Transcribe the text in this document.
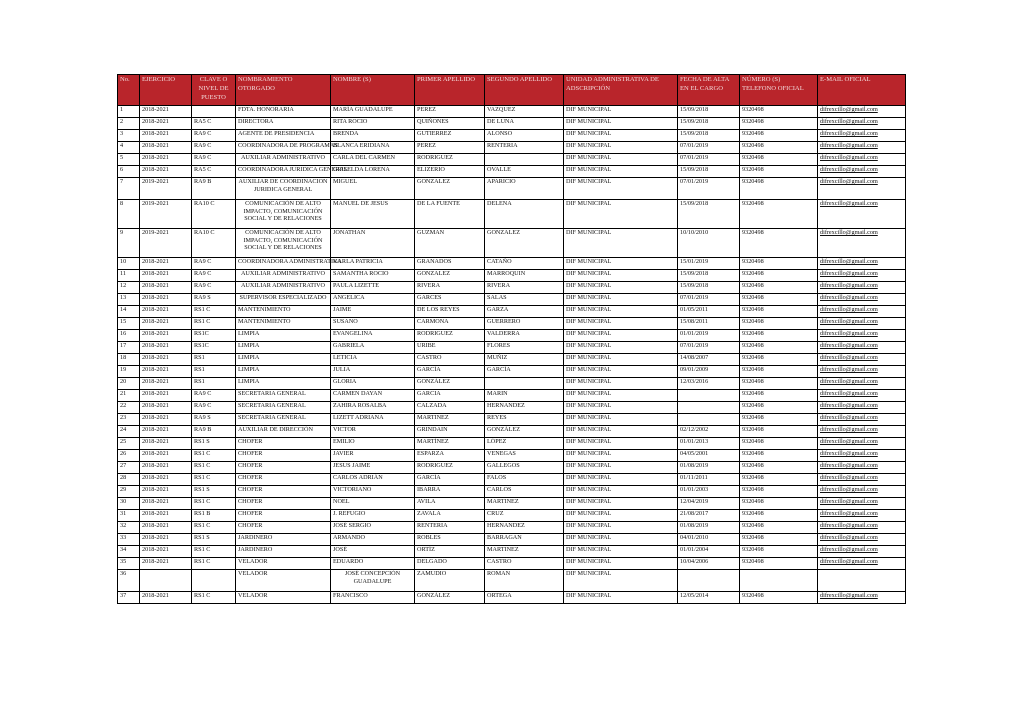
No.	EJERCICIO	CLAVE O NIVEL DE PUESTO	NOMBRAMIENTO OTORGADO	NOMBRE (S)	PRIMER APELLIDO	SEGUNDO APELLIDO	UNIDAD ADMINISTRATIVA DE ADSCRIPCIÓN	FECHA DE ALTA EN EL CARGO	NÚMERO (S) TELEFONO OFICIAL	E-MAIL OFICIAL
1	2018-2021		FDTA. HONORARIA	MARÍA GUADALUPE	PEREZ	VAZQUEZ	DIF MUNICIPAL	15/09/2018	9320498	difrexcillo@gmail.com
2	2018-2021	RA5 C	DIRECTORA	RITA ROCIO	QUIÑONES	DE LUNA	DIF MUNICIPAL	15/09/2018	9320498	difrexcillo@gmail.com
3	2018-2021	RA9 C	AGENTE DE PRESIDENCIA	BRENDA	GUTIERREZ	ALONSO	DIF MUNICIPAL	15/09/2018	9320498	difrexcillo@gmail.com
4	2018-2021	RA9 C	COORDINADORA DE PROGRAMAS	BLANCA ERIDIANA	PEREZ	RENTERIA	DIF MUNICIPAL	07/01/2019	9320498	difrexcillo@gmail.com
5	2018-2021	RA9 C	AUXILIAR ADMINISTRATIVO	CARLA DEL CARMEN	RODRIGUEZ		DIF MUNICIPAL	07/01/2019	9320498	difrexcillo@gmail.com
6	2018-2021	RA5 C	COORDINADORA JURIDICA GENERAL	GRISELDA LORENA	ELIZERIO	OVALLE	DIF MUNICIPAL	15/09/2018	9320498	difrexcillo@gmail.com
7	2019-2021	RA9 B	AUXILIAR DE COORDINACION JURIDICA GENERAL	MIGUEL	GONZALEZ	APARICIO	DIF MUNICIPAL	07/01/2019	9320498	difrexcillo@gmail.com
8	2019-2021	RA10 C	COMUNICACIÓN DE ALTO IMPACTO, COMUNICACIÓN SOCIAL Y DE RELACIONES	MANUEL DE JESUS	DE LA FUENTE	DELENA	DIF MUNICIPAL	15/09/2018	9320498	difrexcillo@gmail.com
9	2019-2021	RA10 C	COMUNICACIÓN DE ALTO IMPACTO, COMUNICACIÓN SOCIAL Y DE RELACIONES	JONATHAN	GUZMAN	GONZALEZ	DIF MUNICIPAL	10/10/2010	9320498	difrexcillo@gmail.com
10	2018-2021	RA9 C	COORDINADORA ADMINISTRATIVA	KARLA PATRICIA	GRANADOS	CATAÑO	DIF MUNICIPAL	15/01/2019	9320498	difrexcillo@gmail.com
11	2018-2021	RA9 C	AUXILIAR ADMINISTRATIVO	SAMANTHA ROCIO	GONZALEZ	MARROQUIN	DIF MUNICIPAL	15/09/2018	9320498	difrexcillo@gmail.com
12	2018-2021	RA9 C	AUXILIAR ADMINISTRATIVO	PAULA LIZETTE	RIVERA	RIVERA	DIF MUNICIPAL	15/09/2018	9320498	difrexcillo@gmail.com
13	2018-2021	RA9 S	SUPERVISOR ESPECIALIZADO	ANGELICA	GARCES	SALAS	DIF MUNICIPAL	07/01/2019	9320498	difrexcillo@gmail.com
14	2018-2021	RS1 C	MANTENIMIENTO	JAIME	DE LOS REYES	GARZA	DIF MUNICIPAL	01/05/2011	9320498	difrexcillo@gmail.com
15	2018-2021	RS1 C	MANTENIMIENTO	SUSANO	CARMONA	GUERRERO	DIF MUNICIPAL	15/08/2011	9320498	difrexcillo@gmail.com
16	2018-2021	RS1C	LIMPIA	EVANGELINA	RODRIGUEZ	VALDERRA	DIF MUNICIPAL	01/01/2019	9320498	difrexcillo@gmail.com
17	2018-2021	RS1C	LIMPIA	GABRIELA	URIBE	FLORES	DIF MUNICIPAL	07/01/2019	9320498	difrexcillo@gmail.com
18	2018-2021	RS1	LIMPIA	LETICIA	CASTRO	MUÑIZ	DIF MUNICIPAL	14/08/2007	9320498	difrexcillo@gmail.com
19	2018-2021	RS1	LIMPIA	JULIA	GARCÍA	GARCÍA	DIF MUNICIPAL	09/01/2009	9320498	difrexcillo@gmail.com
20	2018-2021	RS1	LIMPIA	GLORIA	GONZÁLEZ		DIF MUNICIPAL	12/03/2016	9320498	difrexcillo@gmail.com
21	2018-2021	RA9 C	SECRETARIA GENERAL	CARMEN DAYAN	GARCIA	MARIN	DIF MUNICIPAL		9320498	difrexcillo@gmail.com
22	2018-2021	RA9 C	SECRETARIA GENERAL	ZAHIRA ROSALBA	CALZADA	HERNANDEZ	DIF MUNICIPAL		9320498	difrexcillo@gmail.com
23	2018-2021	RA9 S	SECRETARIA GENERAL	LIZETT ADRIANA	MARTINEZ	REYES	DIF MUNICIPAL		9320498	difrexcillo@gmail.com
24	2018-2021	RA9 B	AUXILIAR DE DIRECCIÓN	VICTOR	GRINDAIN	GONZÁLEZ	DIF MUNICIPAL	02/12/2002	9320498	difrexcillo@gmail.com
25	2018-2021	RS1 S	CHOFER	EMILIO	MARTÍNEZ	LÓPEZ	DIF MUNICIPAL	01/01/2013	9320498	difrexcillo@gmail.com
26	2018-2021	RS1 C	CHOFER	JAVIER	ESPARZA	VENEGAS	DIF MUNICIPAL	04/05/2001	9320498	difrexcillo@gmail.com
27	2018-2021	RS1 C	CHOFER	JESUS JAIME	RODRIGUEZ	GALLEGOS	DIF MUNICIPAL	01/08/2019	9320498	difrexcillo@gmail.com
28	2018-2021	RS1 C	CHOFER	CARLOS ADRIÁN	GARCÍA	FALOS	DIF MUNICIPAL	01/11/2011	9320498	difrexcillo@gmail.com
29	2018-2021	RS1 S	CHOFER	VICTORIANO	IBARRA	CARLOS	DIF MUNICIPAL	01/01/2003	9320498	difrexcillo@gmail.com
30	2018-2021	RS1 C	CHOFER	NOEL	AVILA	MARTINEZ	DIF MUNICIPAL	12/04/2019	9320498	difrexcillo@gmail.com
31	2018-2021	RS1 B	CHOFER	J. REFUGIO	ZAVALA	CRUZ	DIF MUNICIPAL	21/08/2017	9320498	difrexcillo@gmail.com
32	2018-2021	RS1 C	CHOFER	JOSÉ SERGIO	RENTERIA	HERNANDEZ	DIF MUNICIPAL	01/08/2019	9320498	difrexcillo@gmail.com
33	2018-2021	RS1 S	JARDINERO	ARMANDO	ROBLES	BARRAGAN	DIF MUNICIPAL	04/01/2010	9320498	difrexcillo@gmail.com
34	2018-2021	RS1 C	JARDINERO	JOSÉ	ORTÍZ	MARTINEZ	DIF MUNICIPAL	01/01/2004	9320498	difrexcillo@gmail.com
35	2018-2021	RS1 C	VELADOR	EDUARDO	DELGADO	CASTRO	DIF MUNICIPAL	10/04/2006	9320498	difrexcillo@gmail.com
36			VELADOR	JOSÉ CONCEPCIÓN GUADALUPE	ZAMUDIO	ROMAN	DIF MUNICIPAL			
37	2018-2021	RS1 C	VELADOR	FRANCISCO	GONZÁLEZ	ORTEGA	DIF MUNICIPAL	12/05/2014	9320498	difrexcillo@gmail.com
